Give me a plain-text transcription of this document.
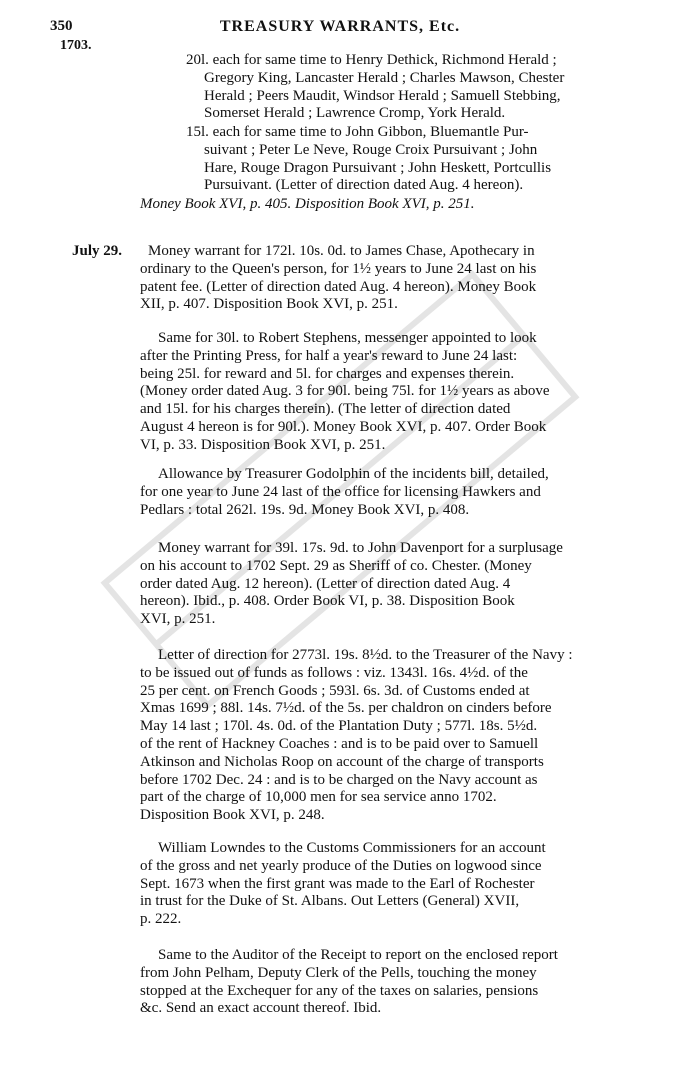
350	TREASURY WARRANTS, Etc.
1703.
20l. each for same time to Henry Dethick, Richmond Herald ;
Gregory King, Lancaster Herald ; Charles Mawson, Chester
Herald ; Peers Maudit, Windsor Herald ; Samuell Stebbing,
Somerset Herald ; Lawrence Cromp, York Herald.
15l. each for same time to John Gibbon, Bluemantle Pur-
suivant ; Peter Le Neve, Rouge Croix Pursuivant ; John
Hare, Rouge Dragon Pursuivant ; John Heskett, Portcullis
Pursuivant. (Letter of direction dated Aug. 4 hereon).
Money Book XVI, p. 405. Disposition Book XVI, p. 251.
July 29. Money warrant for 172l. 10s. 0d. to James Chase, Apothecary in
ordinary to the Queen's person, for 1½ years to June 24 last on his
patent fee. (Letter of direction dated Aug. 4 hereon). Money Book
XII, p. 407. Disposition Book XVI, p. 251.
Same for 30l. to Robert Stephens, messenger appointed to look
after the Printing Press, for half a year's reward to June 24 last:
being 25l. for reward and 5l. for charges and expenses therein.
(Money order dated Aug. 3 for 90l. being 75l. for 1½ years as above
and 15l. for his charges therein). (The letter of direction dated
August 4 hereon is for 90l.). Money Book XVI, p. 407. Order Book
VI, p. 33. Disposition Book XVI, p. 251.
Allowance by Treasurer Godolphin of the incidents bill, detailed,
for one year to June 24 last of the office for licensing Hawkers and
Pedlars : total 262l. 19s. 9d. Money Book XVI, p. 408.
Money warrant for 39l. 17s. 9d. to John Davenport for a surplusage
on his account to 1702 Sept. 29 as Sheriff of co. Chester. (Money
order dated Aug. 12 hereon). (Letter of direction dated Aug. 4
hereon). Ibid., p. 408. Order Book VI, p. 38. Disposition Book
XVI, p. 251.
Letter of direction for 2773l. 19s. 8½d. to the Treasurer of the Navy :
to be issued out of funds as follows : viz. 1343l. 16s. 4½d. of the
25 per cent. on French Goods ; 593l. 6s. 3d. of Customs ended at
Xmas 1699 ; 88l. 14s. 7½d. of the 5s. per chaldron on cinders before
May 14 last ; 170l. 4s. 0d. of the Plantation Duty ; 577l. 18s. 5½d.
of the rent of Hackney Coaches : and is to be paid over to Samuell
Atkinson and Nicholas Roop on account of the charge of transports
before 1702 Dec. 24 : and is to be charged on the Navy account as
part of the charge of 10,000 men for sea service anno 1702.
Disposition Book XVI, p. 248.
William Lowndes to the Customs Commissioners for an account
of the gross and net yearly produce of the Duties on logwood since
Sept. 1673 when the first grant was made to the Earl of Rochester
in trust for the Duke of St. Albans. Out Letters (General) XVII,
p. 222.
Same to the Auditor of the Receipt to report on the enclosed report
from John Pelham, Deputy Clerk of the Pells, touching the money
stopped at the Exchequer for any of the taxes on salaries, pensions
&c. Send an exact account thereof. Ibid.
